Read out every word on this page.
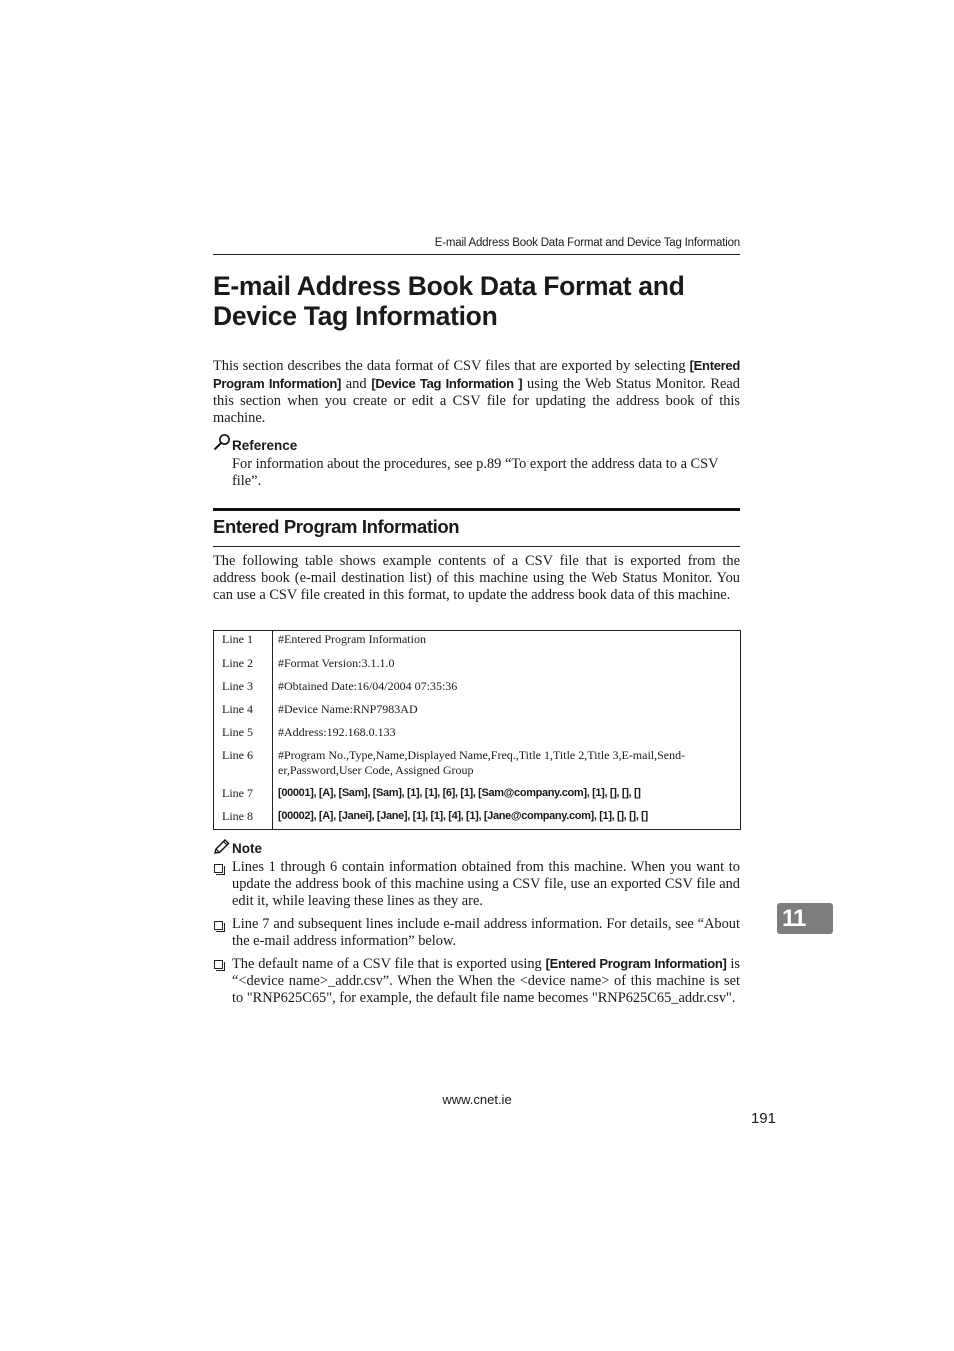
E-mail Address Book Data Format and Device Tag Information
E-mail Address Book Data Format and
Device Tag Information

This section describes the data format of CSV files that are exported by selecting [Entered Program Information] and [Device Tag Information ] using the Web Status Monitor. Read this section when you create or edit a CSV file for updating the address book of this machine.

Reference

For information about the procedures, see p.89 “To export the address data to a CSV file”.

Entered Program Information

The following table shows example contents of a CSV file that is exported from the address book (e-mail destination list) of this machine using the Web Status Monitor. You can use a CSV file created in this format, to update the address book data of this machine.

Line 1	#Entered Program Information
Line 2	#Format Version:3.1.1.0
Line 3	#Obtained Date:16/04/2004 07:35:36
Line 4	#Device Name:RNP7983AD
Line 5	#Address:192.168.0.133
Line 6	#Program No.,Type,Name,Displayed Name,Freq.,Title 1,Title 2,Title 3,E-mail,Send-
er,Password,User Code, Assigned Group
Line 7	[00001], [A], [Sam], [Sam], [1], [1], [6], [1], [Sam@company.com], [1], [], [], []
Line 8	[00002], [A], [Janei], [Jane], [1], [1], [4], [1], [Jane@company.com], [1], [], [], []
Note

Lines 1 through 6 contain information obtained from this machine. When you want to update the address book of this machine using a CSV file, use an exported CSV file and edit it, while leaving these lines as they are.

Line 7 and subsequent lines include e-mail address information. For details, see “About the e-mail address information” below.

The default name of a CSV file that is exported using [Entered Program Information] is “<device name>_addr.csv”. When the When the <device name> of this machine is set to "RNP625C65", for example, the default file name becomes "RNP625C65_addr.csv".

11
www.cnet.ie
191
